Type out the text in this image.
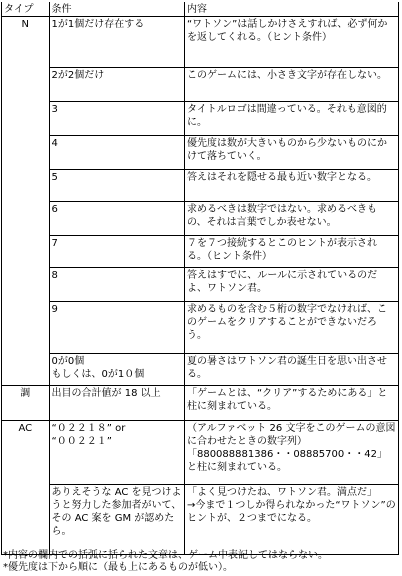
タイプ	条件	内容
N	1が1個だけ存在する	“ワトソン”は話しかけさえすれば、必ず何かを返してくれる。（ヒント条件）
	2が2個だけ	このゲームには、小さき文字が存在しない。
	3	タイトルロゴは間違っている。それも意図的に。
	4	優先度は数が大きいものから少ないものにかけて落ちていく。
	5	答えはそれを隠せる最も近い数字となる。
	6	求めるべきは数字ではない。求めるべきもの、それは言葉でしか表せない。
	7	７を７つ接続するとこのヒントが表示される。（ヒント条件）
	8	答えはすでに、ルールに示されているのだよ、ワトソン君。
	9	求めるものを含む５桁の数字でなければ、このゲームをクリアすることができないだろう。
	0が0個
もしくは、0が1０個	夏の暑さはワトソン君の誕生日を思い出させる。
調	出目の合計値が 18 以上	「ゲームとは、“クリア”するためにある」と柱に刻まれている。
AC	“０２２１８” or
“００２２１”	（アルファベット 26 文字をこのゲームの意図に合わせたときの数字列）
「880088881386・・08885700・・42」と柱に刻まれている。
	ありえそうな AC を見つけようと努力した参加者がいて、その AC 案を GM が認めたら。	「よく見つけたね、ワトソン君。満点だ」
→今まで１つしか得られなかった“ワトソン”のヒントが、２つまでになる。
*内容の欄内での括弧に括られた文章は、ゲーム中表記してはならない。
*優先度は下から順に（最も上にあるものが低い）。
